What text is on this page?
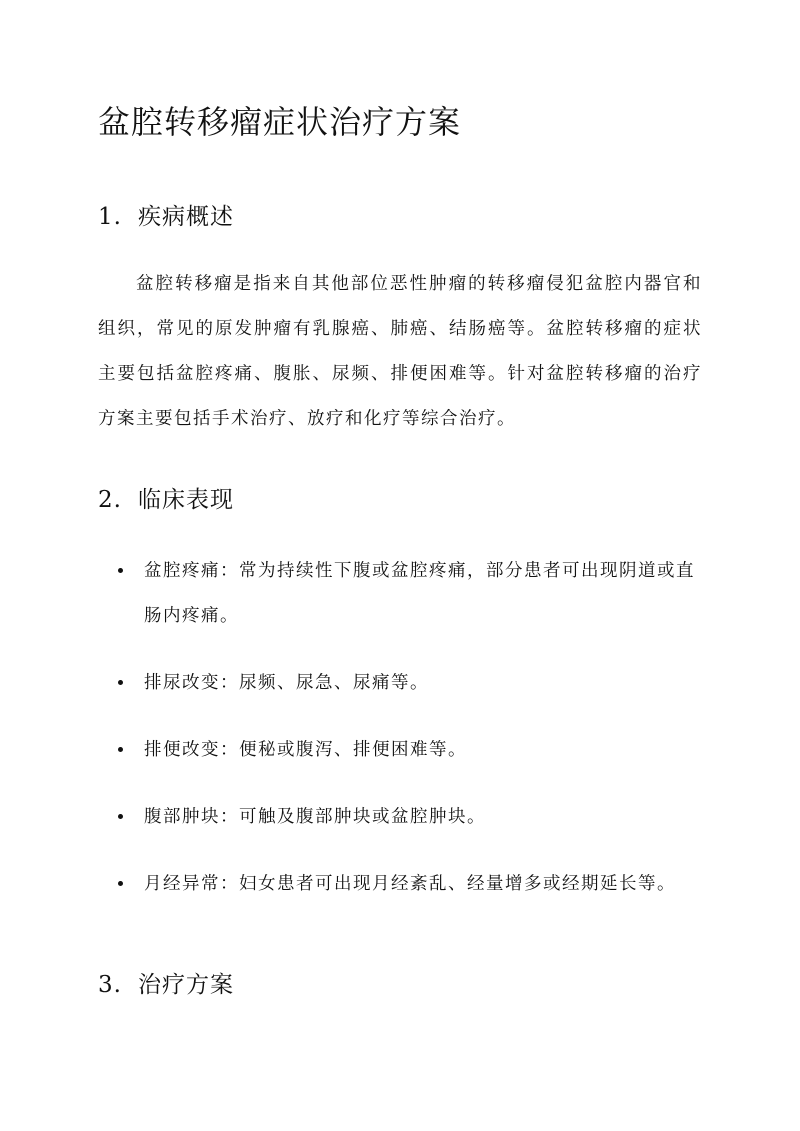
盆腔转移瘤症状治疗方案
1. 疾病概述

盆腔转移瘤是指来自其他部位恶性肿瘤的转移瘤侵犯盆腔内器官和组织，常见的原发肿瘤有乳腺癌、肺癌、结肠癌等。盆腔转移瘤的症状主要包括盆腔疼痛、腹胀、尿频、排便困难等。针对盆腔转移瘤的治疗方案主要包括手术治疗、放疗和化疗等综合治疗。

2. 临床表现
盆腔疼痛：常为持续性下腹或盆腔疼痛，部分患者可出现阴道或直肠内疼痛。
排尿改变：尿频、尿急、尿痛等。
排便改变：便秘或腹泻、排便困难等。
腹部肿块：可触及腹部肿块或盆腔肿块。
月经异常：妇女患者可出现月经紊乱、经量增多或经期延长等。
3. 治疗方案
